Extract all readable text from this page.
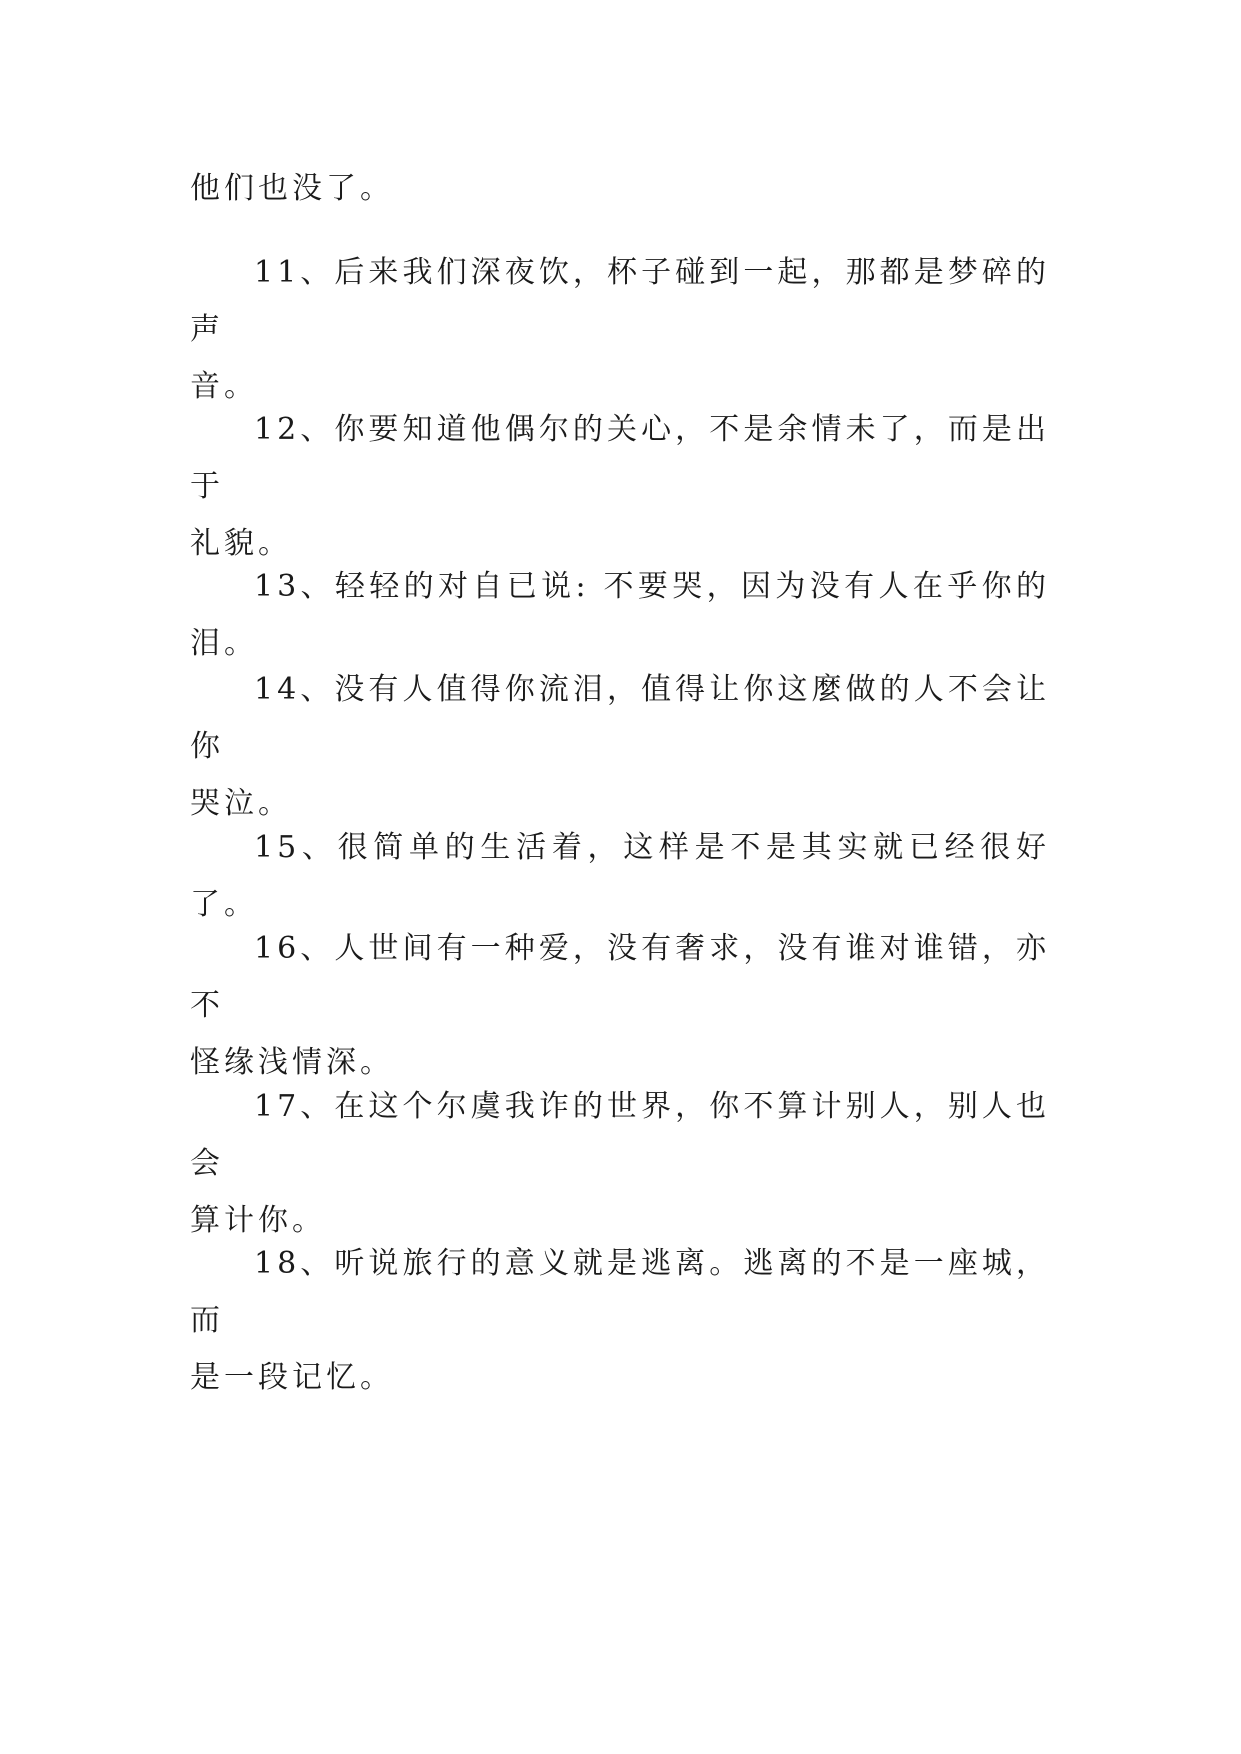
他们也没了。

11、后来我们深夜饮，杯子碰到一起，那都是梦碎的声
音。

12、你要知道他偶尔的关心，不是余情未了，而是出于
礼貌。

13、轻轻的对自已说: 不要哭，因为没有人在乎你的泪。

14、没有人值得你流泪，值得让你这麼做的人不会让你
哭泣。

15、很简单的生活着，这样是不是其实就已经很好了。

16、人世间有一种爱，没有奢求，没有谁对谁错，亦不
怪缘浅情深。

17、在这个尔虞我诈的世界，你不算计别人，别人也会
算计你。

18、听说旅行的意义就是逃离。逃离的不是一座城，而
是一段记忆。
